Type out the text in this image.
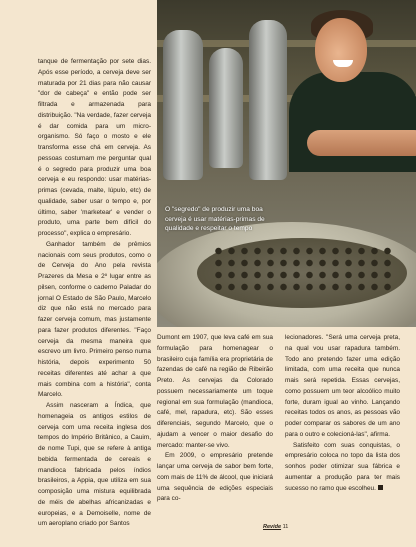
tanque de fermentação por sete dias. Após esse período, a cerveja deve ser maturada por 21 dias para não causar "dor de cabeça" e então pode ser filtrada e armazenada para distribuição. "Na verdade, fazer cerveja é dar comida para um micro-organismo. Só faço o mosto e ele transforma esse chá em cerveja. As pessoas costumam me perguntar qual é o segredo para produzir uma boa cerveja e eu respondo: usar matérias-primas (cevada, malte, lúpulo, etc) de qualidade, saber usar o tempo e, por último, saber 'marketear' e vender o produto, uma parte bem difícil do processo", explica o empresário.

Ganhador também de prêmios nacionais com seus produtos, como o de Cerveja do Ano pela revista Prazeres da Mesa e 2º lugar entre as pilsen, conforme o caderno Paladar do jornal O Estado de São Paulo, Marcelo diz que não está no mercado para fazer cerveja comum, mas justamente para fazer produtos diferentes. "Faço cerveja da mesma maneira que escrevo um livro. Primeiro penso numa história, depois experimento 50 receitas diferentes até achar a que mais combina com a história", conta Marcelo.

Assim nasceram a Índica, que homenageia os antigos estilos de cerveja com uma receita inglesa dos tempos do Império Britânico, a Cauim, de nome Tupi, que se refere à antiga bebida fermentada de cereais e mandioca fabricada pelos índios brasileiros, a Appia, que utiliza em sua composição uma mistura equilibrada de méis de abelhas africanizadas e europeias, e a Demoiselle, nome de um aeroplano criado por Santos

O "segredo" de produzir uma boa cerveja é usar matérias-primas de qualidade e respeitar o tempo

Dumont em 1907, que leva café em sua formulação para homenagear o brasileiro cuja família era proprietária de fazendas de café na região de Ribeirão Preto. As cervejas da Colorado possuem necessariamente um toque regional em sua formulação (mandioca, café, mel, rapadura, etc). São esses diferenciais, segundo Marcelo, que o ajudam a vencer o maior desafio do mercado: manter-se vivo.

Em 2009, o empresário pretende lançar uma cerveja de sabor bem forte, com mais de 11% de álcool, que iniciará uma sequência de edições especiais para co-

lecionadores. "Será uma cerveja preta, na qual vou usar rapadura também. Todo ano pretendo fazer uma edição limitada, com uma receita que nunca mais será repetida. Essas cervejas, como possuem um teor alcoólico muito forte, duram igual ao vinho. Lançando receitas todos os anos, as pessoas vão poder comparar os sabores de um ano para o outro e colecioná-las", afirma.

Satisfeito com suas conquistas, o empresário coloca no topo da lista dos sonhos poder otimizar sua fábrica e aumentar a produção para ter mais sucesso no ramo que escolheu.

Revide 11
